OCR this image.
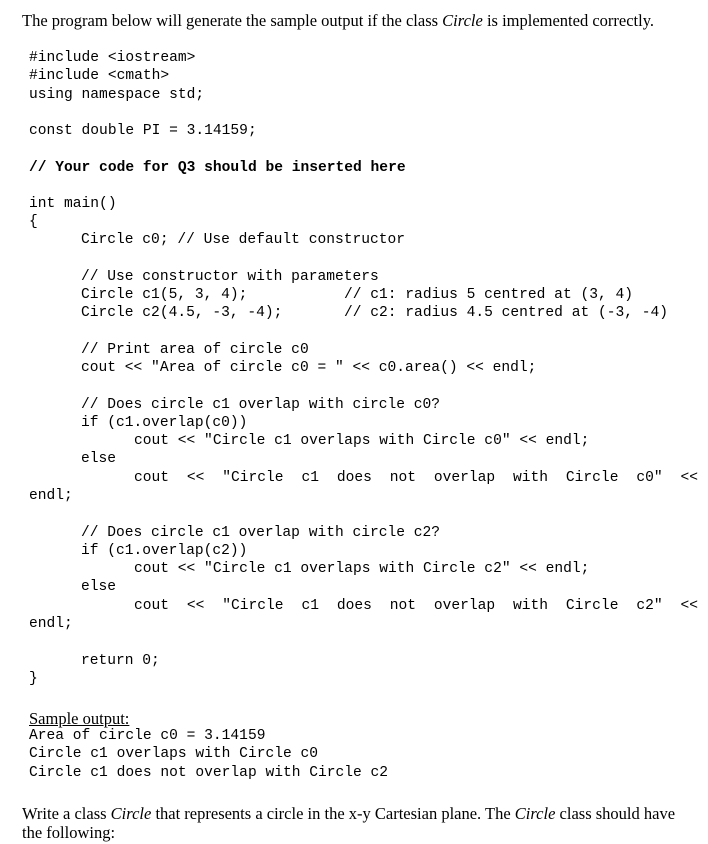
The program below will generate the sample output if the class Circle is implemented correctly.
#include <iostream>
#include <cmath>
using namespace std;
const double PI = 3.14159;
// Your code for Q3 should be inserted here
int main()
{
Circle c0; // Use default constructor
// Use constructor with parameters
Circle c1(5, 3, 4);	// c1: radius 5 centred at (3, 4)
Circle c2(4.5, -3, -4);	// c2: radius 4.5 centred at (-3, -4)
// Print area of circle c0
cout << "Area of circle c0 = " << c0.area() << endl;
// Does circle c1 overlap with circle c0?
if (c1.overlap(c0))
cout << "Circle c1 overlaps with Circle c0" << endl;
else
cout << "Circle c1 does not overlap with Circle c0" <<
endl;
// Does circle c1 overlap with circle c2?
if (c1.overlap(c2))
cout << "Circle c1 overlaps with Circle c2" << endl;
else
cout << "Circle c1 does not overlap with Circle c2" <<
endl;
return 0;
}
Sample output:
Area of circle c0 = 3.14159
Circle c1 overlaps with Circle c0
Circle c1 does not overlap with Circle c2
Write a class Circle that represents a circle in the x-y Cartesian plane. The Circle class should have
the following:
